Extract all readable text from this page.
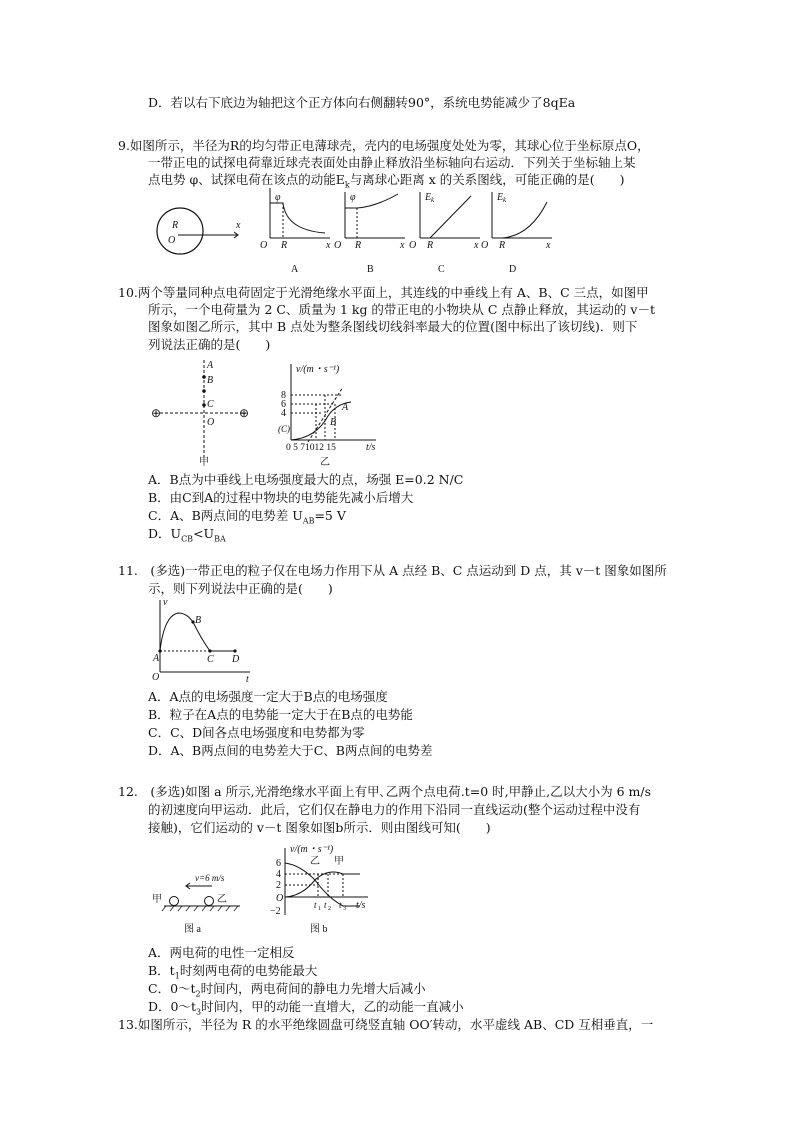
D．若以右下底边为轴把这个正方体向右侧翻转90°，系统电势能减少了8qEa
9.如图所示，半径为R的均匀带正电薄球壳，壳内的电场强度处处为零，其球心位于坐标原点O，
一带正电的试探电荷靠近球壳表面处由静止释放沿坐标轴向右运动．下列关于坐标轴上某
点电势 φ、试探电荷在该点的动能$E_k$与离球心距离 x 的关系图线，可能正确的是(　　)
R
O
x
φ
O R	x
A
φ
O R	x
B
E k
O R	x
C
E k
O R	x
D
10.两个等量同种点电荷固定于光滑绝缘水平面上，其连线的中垂线上有 A、B、C 三点，如图甲
所示，一个电荷量为 2 C、质量为 1 kg 的带正电的小物块从 C 点静止释放，其运动的 v－t
图象如图乙所示，其中 B 点处为整条图线切线斜率最大的位置(图中标出了该切线)．则下
列说法正确的是(　　)
A
B
C
O
⊕	⊕
甲
v/(m・s⁻¹)
8
6
4
(C)
0 5 71012 15	t/s
A
B
乙
A．B点为中垂线上电场强度最大的点，场强 E=0.2 N/C
B．由C到A的过程中物块的电势能先减小后增大
C．A、B两点间的电势差 $U_{AB}=5$ V
D．$U_{CB}<U_{BA}$
11.　(多选)一带正电的粒子仅在电场力作用下从 A 点经 B、C 点运动到 D 点，其 v－t 图象如图所
示，则下列说法中正确的是(　　)
v
t
O
A
B
C D
A．A点的电场强度一定大于B点的电场强度
B．粒子在A点的电势能一定大于在B点的电势能
C．C、D间各点电场强度和电势都为零
D．A、B两点间的电势差大于C、B两点间的电势差
12.　(多选)如图 a 所示,光滑绝缘水平面上有甲､乙两个点电荷.t=0 时,甲静止,乙以大小为 6 m/s
的初速度向甲运动．此后，它们仅在静电力的作用下沿同一直线运动(整个运动过程中没有
接触)，它们运动的 v－t 图象如图b所示．则由图线可知(　　)
v=6 m/s
甲	乙
图 a
v/(m・s⁻¹)
6
4
2
O
−2
乙 甲
t 1 t 2 t 3 t/s
图 b
A．两电荷的电性一定相反
B．$t_1$时刻两电荷的电势能最大
C．$0\sim t_2$时间内，两电荷间的静电力先增大后减小
D．$0\sim t_3$时间内，甲的动能一直增大，乙的动能一直减小
13.如图所示，半径为 R 的水平绝缘圆盘可绕竖直轴 OO′转动，水平虚线 AB、CD 互相垂直，一
